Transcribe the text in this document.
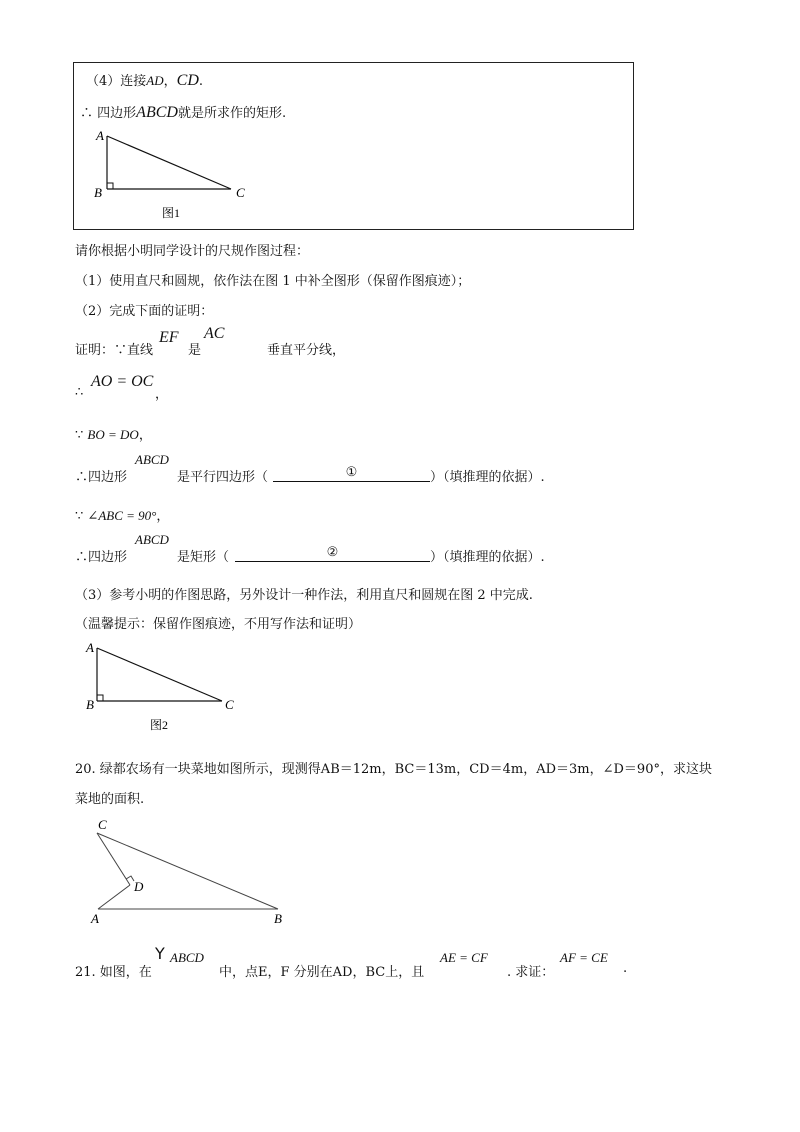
（4）连接AD，CD.
∴ 四边形ABCD就是所求作的矩形.
A
B	C
图1
请你根据小明同学设计的尺规作图过程：
（1）使用直尺和圆规，依作法在图 1 中补全图形（保留作图痕迹）；
（2）完成下面的证明：
证明：∵直线
EF
是
AC
垂直平分线，
∴
AO = OC
，
∵ BO = DO，
∴四边形
ABCD
是平行四边形（	①	）（填推理的依据）.
∵ ∠ABC = 90°，
∴四边形
ABCD
是矩形（	②	）（填推理的依据）.
（3）参考小明的作图思路，另外设计一种作法，利用直尺和圆规在图 2 中完成.
（温馨提示：保留作图痕迹，不用写作法和证明）
A
B	C
图2
20. 绿都农场有一块菜地如图所示，现测得AB＝12m，BC＝13m，CD＝4m，AD＝3m，∠D＝90°，求这块
菜地的面积.
C
D
A	B
21. 如图，在
Y ABCD
中，点E，F 分别在AD，BC上，且
AE = CF
. 求证：
AF = CE
.
